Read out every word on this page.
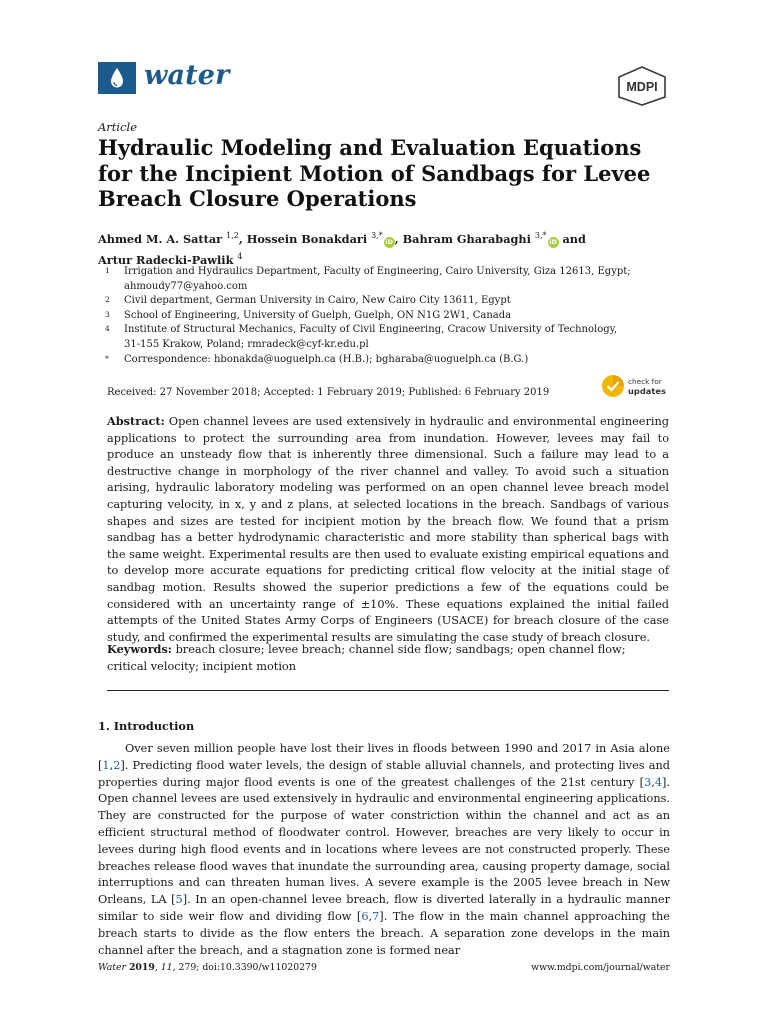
water	MDPI
Article
Hydraulic Modeling and Evaluation Equations for the Incipient Motion of Sandbags for Levee Breach Closure Operations
Ahmed M. A. Sattar $^{1,2}$, Hossein Bonakdari $^{3,*}$iD , Bahram Gharabaghi $^{3,*}$iD and
Artur Radecki-Pawlik $^4$
1	Irrigation and Hydraulics Department, Faculty of Engineering, Cairo University, Giza 12613, Egypt;
ahmoudy77@yahoo.com
2	Civil department, German University in Cairo, New Cairo City 13611, Egypt
3	School of Engineering, University of Guelph, Guelph, ON N1G 2W1, Canada
4	Institute of Structural Mechanics, Faculty of Civil Engineering, Cracow University of Technology,
31-155 Krakow, Poland; rmradeck@cyf-kr.edu.pl
*	Correspondence: hbonakda@uoguelph.ca (H.B.); bgharaba@uoguelph.ca (B.G.)
Received: 27 November 2018; Accepted: 1 February 2019; Published: 6 February 2019
check for
updates
Abstract: Open channel levees are used extensively in hydraulic and environmental engineering applications to protect the surrounding area from inundation. However, levees may fail to produce an unsteady flow that is inherently three dimensional. Such a failure may lead to a destructive change in morphology of the river channel and valley. To avoid such a situation arising, hydraulic laboratory modeling was performed on an open channel levee breach model capturing velocity, in x, y and z plans, at selected locations in the breach. Sandbags of various shapes and sizes are tested for incipient motion by the breach flow. We found that a prism sandbag has a better hydrodynamic characteristic and more stability than spherical bags with the same weight. Experimental results are then used to evaluate existing empirical equations and to develop more accurate equations for predicting critical flow velocity at the initial stage of sandbag motion. Results showed the superior predictions a few of the equations could be considered with an uncertainty range of ±10%. These equations explained the initial failed attempts of the United States Army Corps of Engineers (USACE) for breach closure of the case study, and confirmed the experimental results are simulating the case study of breach closure.
Keywords: breach closure; levee breach; channel side flow; sandbags; open channel flow; critical velocity; incipient motion
1. Introduction
Over seven million people have lost their lives in floods between 1990 and 2017 in Asia alone [1,2]. Predicting flood water levels, the design of stable alluvial channels, and protecting lives and properties during major flood events is one of the greatest challenges of the 21st century [3,4]. Open channel levees are used extensively in hydraulic and environmental engineering applications. They are constructed for the purpose of water constriction within the channel and act as an efficient structural method of floodwater control. However, breaches are very likely to occur in levees during high flood events and in locations where levees are not constructed properly. These breaches release flood waves that inundate the surrounding area, causing property damage, social interruptions and can threaten human lives. A severe example is the 2005 levee breach in New Orleans, LA [5]. In an open-channel levee breach, flow is diverted laterally in a hydraulic manner similar to side weir flow and dividing flow [6,7]. The flow in the main channel approaching the breach starts to divide as the flow enters the breach. A separation zone develops in the main channel after the breach, and a stagnation zone is formed near
Water 2019, 11, 279; doi:10.3390/w11020279	www.mdpi.com/journal/water
